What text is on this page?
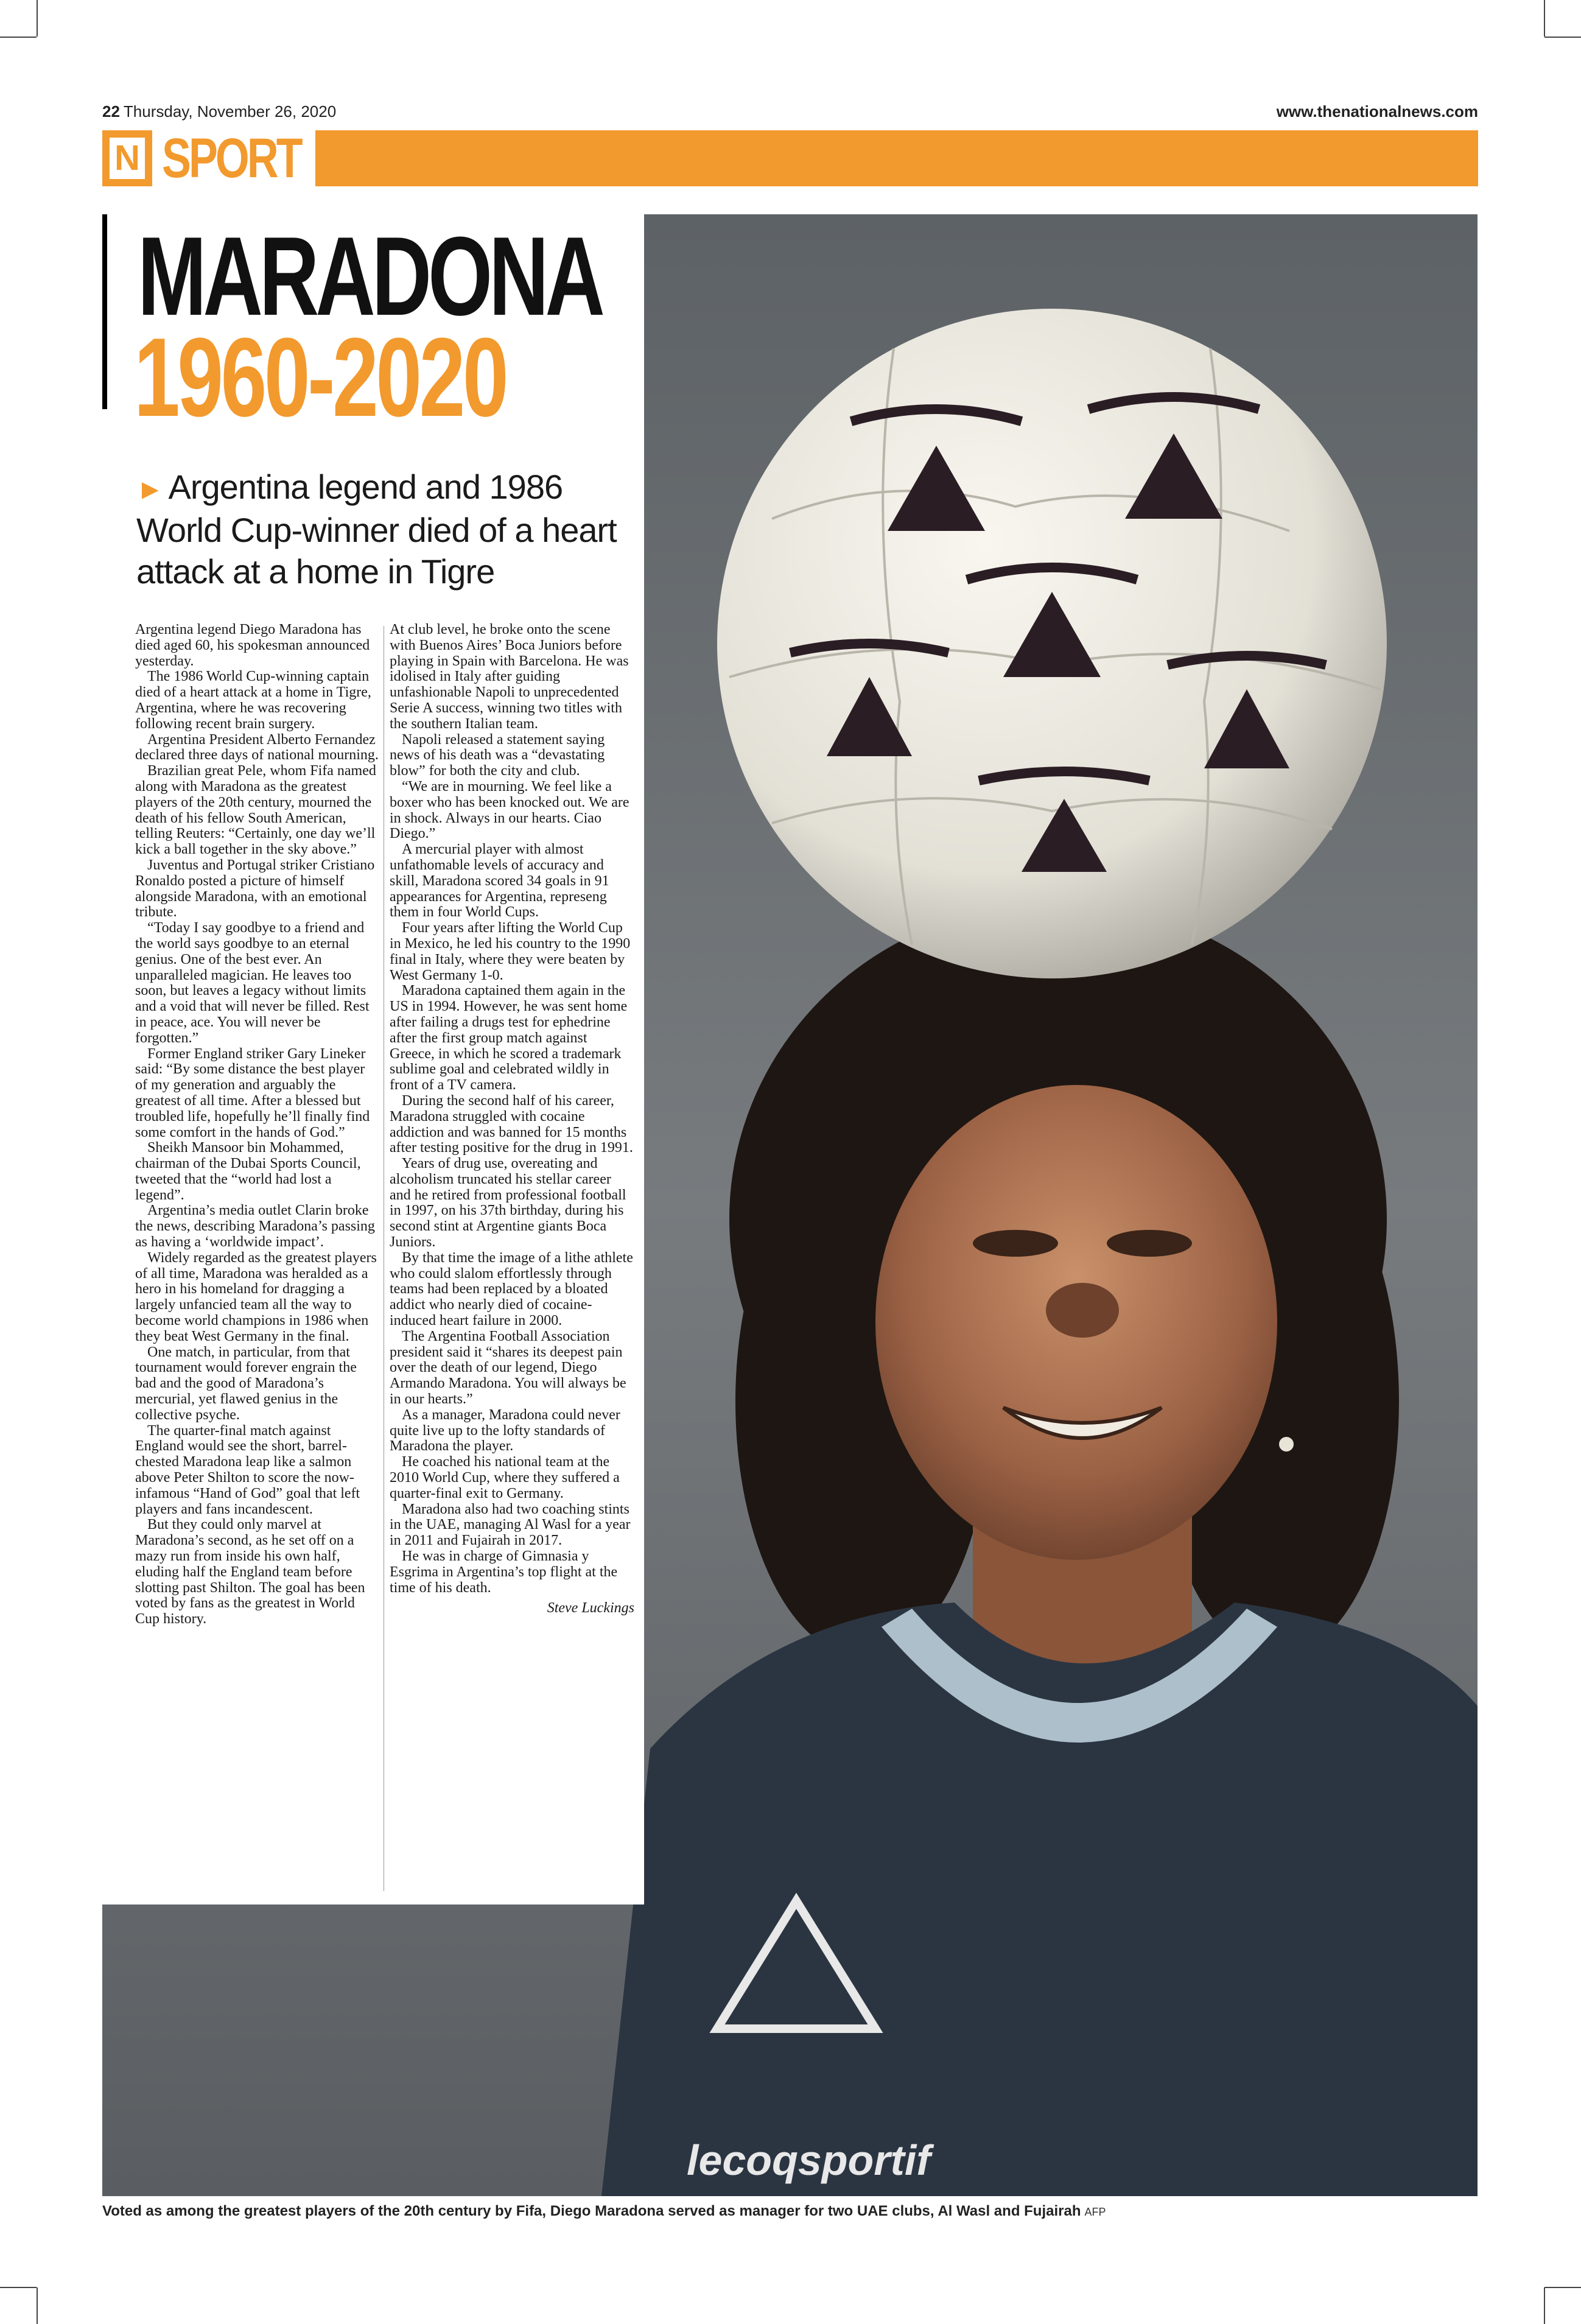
22 Thursday, November 26, 2020	www.thenationalnews.com
N SPORT
lecoqsportif
MARADONA
1960-2020
► Argentina legend and 1986 World Cup-winner died of a heart attack at a home in Tigre

Argentina legend Diego Maradona has died aged 60, his spokesman announced yesterday.

The 1986 World Cup-winning captain died of a heart attack at a home in Tigre, Argentina, where he was recovering following recent brain surgery.

Argentina President Alberto Fernandez declared three days of national mourning.

Brazilian great Pele, whom Fifa named along with Maradona as the greatest players of the 20th century, mourned the death of his fellow South American, telling Reuters: “Certainly, one day we’ll kick a ball together in the sky above.”

Juventus and Portugal striker Cristiano Ronaldo posted a picture of himself alongside Maradona, with an emotional tribute.

“Today I say goodbye to a friend and the world says goodbye to an eternal genius. One of the best ever. An unparalleled magician. He leaves too soon, but leaves a legacy without limits and a void that will never be filled. Rest in peace, ace. You will never be forgotten.”

Former England striker Gary Lineker said: “By some distance the best player of my generation and arguably the greatest of all time. After a blessed but troubled life, hopefully he’ll finally find some comfort in the hands of God.”

Sheikh Mansoor bin Mohammed, chairman of the Dubai Sports Council, tweeted that the “world had lost a legend”.

Argentina’s media outlet Clarin broke the news, describing Maradona’s passing as having a ‘worldwide impact’.

Widely regarded as the greatest players of all time, Maradona was heralded as a hero in his homeland for dragging a largely unfancied team all the way to become world champions in 1986 when they beat West Germany in the final.

One match, in particular, from that tournament would forever engrain the bad and the good of Maradona’s mercurial, yet flawed genius in the collective psyche.

The quarter-final match against England would see the short, barrel-chested Maradona leap like a salmon above Peter Shilton to score the now-infamous “Hand of God” goal that left players and fans incandescent.

But they could only marvel at Maradona’s second, as he set off on a mazy run from inside his own half, eluding half the England team before slotting past Shilton. The goal has been voted by fans as the greatest in World Cup history.

At club level, he broke onto the scene with Buenos Aires’ Boca Juniors before playing in Spain with Barcelona. He was idolised in Italy after guiding unfashionable Napoli to unprecedented Serie A success, winning two titles with the southern Italian team.

Napoli released a statement saying news of his death was a “devastating blow” for both the city and club.

“We are in mourning. We feel like a boxer who has been knocked out. We are in shock. Always in our hearts. Ciao Diego.”

A mercurial player with almost unfathomable levels of accuracy and skill, Maradona scored 34 goals in 91 appearances for Argentina, represeng them in four World Cups.

Four years after lifting the World Cup in Mexico, he led his country to the 1990 final in Italy, where they were beaten by West Germany 1-0.

Maradona captained them again in the US in 1994. However, he was sent home after failing a drugs test for ephedrine after the first group match against Greece, in which he scored a trademark sublime goal and celebrated wildly in front of a TV camera.

During the second half of his career, Maradona struggled with cocaine addiction and was banned for 15 months after testing positive for the drug in 1991.

Years of drug use, overeating and alcoholism truncated his stellar career and he retired from professional football in 1997, on his 37th birthday, during his second stint at Argentine giants Boca Juniors.

By that time the image of a lithe athlete who could slalom effortlessly through teams had been replaced by a bloated addict who nearly died of cocaine-induced heart failure in 2000.

The Argentina Football Association president said it “shares its deepest pain over the death of our legend, Diego Armando Maradona. You will always be in our hearts.”

As a manager, Maradona could never quite live up to the lofty standards of Maradona the player.

He coached his national team at the 2010 World Cup, where they suffered a quarter-final exit to Germany.

Maradona also had two coaching stints in the UAE, managing Al Wasl for a year in 2011 and Fujairah in 2017.

He was in charge of Gimnasia y Esgrima in Argentina’s top flight at the time of his death.

Steve Luckings

Voted as among the greatest players of the 20th century by Fifa, Diego Maradona served as manager for two UAE clubs, Al Wasl and Fujairah AFP
